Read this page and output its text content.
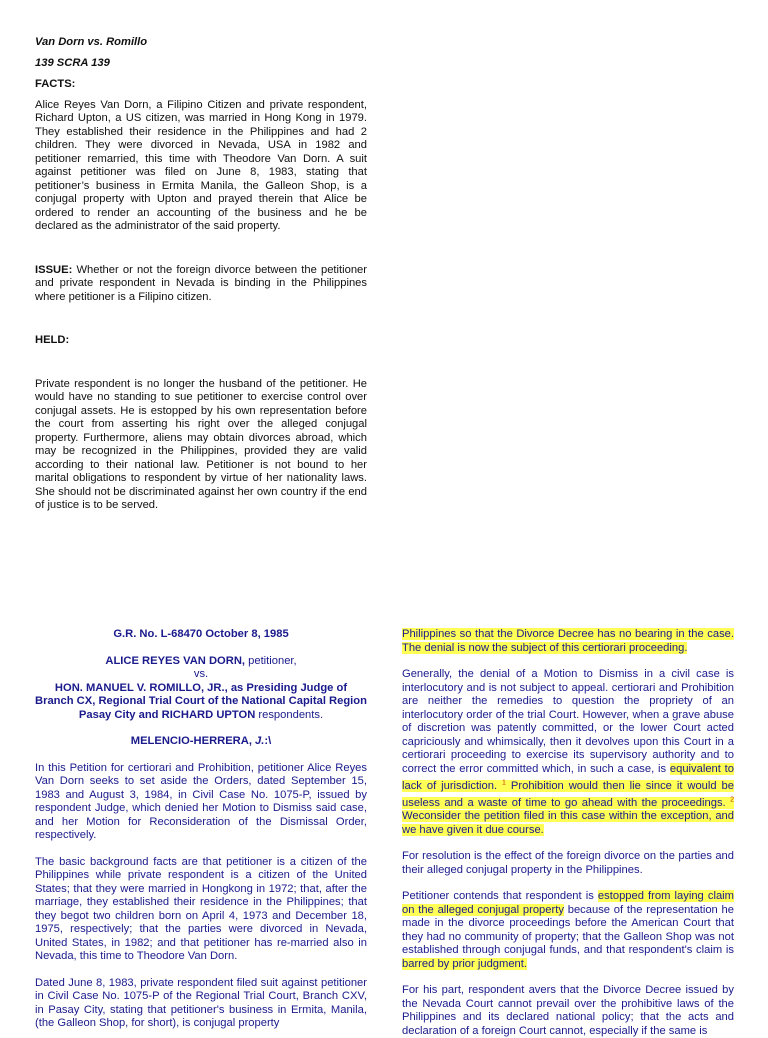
Van Dorn vs. Romillo

139 SCRA 139

FACTS:

Alice Reyes Van Dorn, a Filipino Citizen and private respondent, Richard Upton, a US citizen, was married in Hong Kong in 1979. They established their residence in the Philippines and had 2 children. They were divorced in Nevada, USA in 1982 and petitioner remarried, this time with Theodore Van Dorn. A suit against petitioner was filed on June 8, 1983, stating that petitioner’s business in Ermita Manila, the Galleon Shop, is a conjugal property with Upton and prayed therein that Alice be ordered to render an accounting of the business and he be declared as the administrator of the said property.

ISSUE: Whether or not the foreign divorce between the petitioner and private respondent in Nevada is binding in the Philippines where petitioner is a Filipino citizen.

HELD:

Private respondent is no longer the husband of the petitioner. He would have no standing to sue petitioner to exercise control over conjugal assets. He is estopped by his own representation before the court from asserting his right over the alleged conjugal property. Furthermore, aliens may obtain divorces abroad, which may be recognized in the Philippines, provided they are valid according to their national law. Petitioner is not bound to her marital obligations to respondent by virtue of her nationality laws. She should not be discriminated against her own country if the end of justice is to be served.

G.R. No. L-68470 October 8, 1985

ALICE REYES VAN DORN, petitioner,
vs.
HON. MANUEL V. ROMILLO, JR., as Presiding Judge of Branch CX, Regional Trial Court of the National Capital Region Pasay City and RICHARD UPTON respondents.

MELENCIO-HERRERA, J.:\

In this Petition for certiorari and Prohibition, petitioner Alice Reyes Van Dorn seeks to set aside the Orders, dated September 15, 1983 and August 3, 1984, in Civil Case No. 1075-P, issued by respondent Judge, which denied her Motion to Dismiss said case, and her Motion for Reconsideration of the Dismissal Order, respectively.

The basic background facts are that petitioner is a citizen of the Philippines while private respondent is a citizen of the United States; that they were married in Hongkong in 1972; that, after the marriage, they established their residence in the Philippines; that they begot two children born on April 4, 1973 and December 18, 1975, respectively; that the parties were divorced in Nevada, United States, in 1982; and that petitioner has re-married also in Nevada, this time to Theodore Van Dorn.

Dated June 8, 1983, private respondent filed suit against petitioner in Civil Case No. 1075-P of the Regional Trial Court, Branch CXV, in Pasay City, stating that petitioner's business in Ermita, Manila, (the Galleon Shop, for short), is conjugal property

Philippines so that the Divorce Decree has no bearing in the case. The denial is now the subject of this certiorari proceeding.

Generally, the denial of a Motion to Dismiss in a civil case is interlocutory and is not subject to appeal. certiorari and Prohibition are neither the remedies to question the propriety of an interlocutory order of the trial Court. However, when a grave abuse of discretion was patently committed, or the lower Court acted capriciously and whimsically, then it devolves upon this Court in a certiorari proceeding to exercise its supervisory authority and to correct the error committed which, in such a case, is equivalent to lack of jurisdiction. $^1$ Prohibition would then lie since it would be useless and a waste of time to go ahead with the proceedings. $^2$ Weconsider the petition filed in this case within the exception, and we have given it due course.

For resolution is the effect of the foreign divorce on the parties and their alleged conjugal property in the Philippines.

Petitioner contends that respondent is estopped from laying claim on the alleged conjugal property because of the representation he made in the divorce proceedings before the American Court that they had no community of property; that the Galleon Shop was not established through conjugal funds, and that respondent's claim is barred by prior judgment.

For his part, respondent avers that the Divorce Decree issued by the Nevada Court cannot prevail over the prohibitive laws of the Philippines and its declared national policy; that the acts and declaration of a foreign Court cannot, especially if the same is
